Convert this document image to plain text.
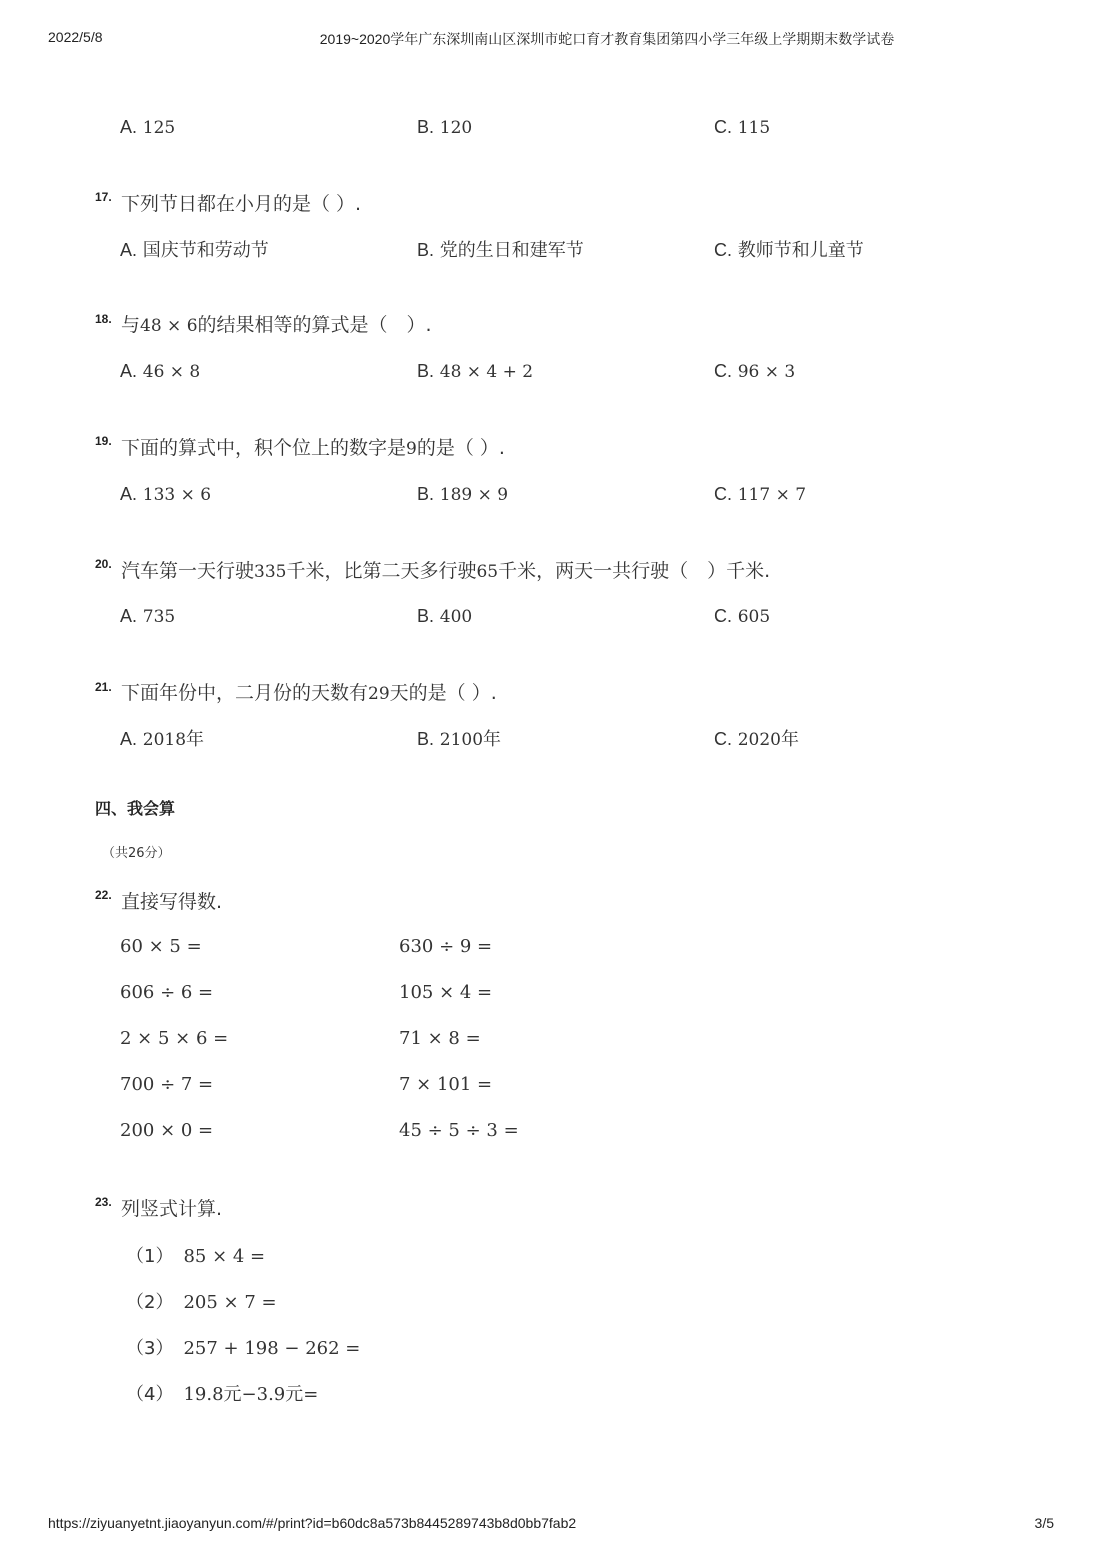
2022/5/8	2019~2020学年广东深圳南山区深圳市蛇口育才教育集团第四小学三年级上学期期末数学试卷
A. 125	B. 120	C. 115
17. 下列节日都在小月的是（ ）.
A. 国庆节和劳动节	B. 党的生日和建军节	C. 教师节和儿童节
18. 与48 × 6的结果相等的算式是（　）.
A. 46 × 8	B. 48 × 4 + 2	C. 96 × 3
19. 下面的算式中，积个位上的数字是9的是（ ）.
A. 133 × 6	B. 189 × 9	C. 117 × 7
20. 汽车第一天行驶335千米，比第二天多行驶65千米，两天一共行驶（　）千米.
A. 735	B. 400	C. 605
21. 下面年份中，二月份的天数有29天的是（ ）.
A. 2018年	B. 2100年	C. 2020年
四、我会算
（共26分）
22. 直接写得数.
60 × 5 =	630 ÷ 9 =
606 ÷ 6 =	105 × 4 =
2 × 5 × 6 =	71 × 8 =
700 ÷ 7 =	7 × 101 =
200 × 0 =	45 ÷ 5 ÷ 3 =
23. 列竖式计算.
（1） 85 × 4 =
（2） 205 × 7 =
（3） 257 + 198 − 262 =
（4） 19.8元−3.9元=
https://ziyuanyetnt.jiaoyanyun.com/#/print?id=b60dc8a573b8445289743b8d0bb7fab2	3/5
